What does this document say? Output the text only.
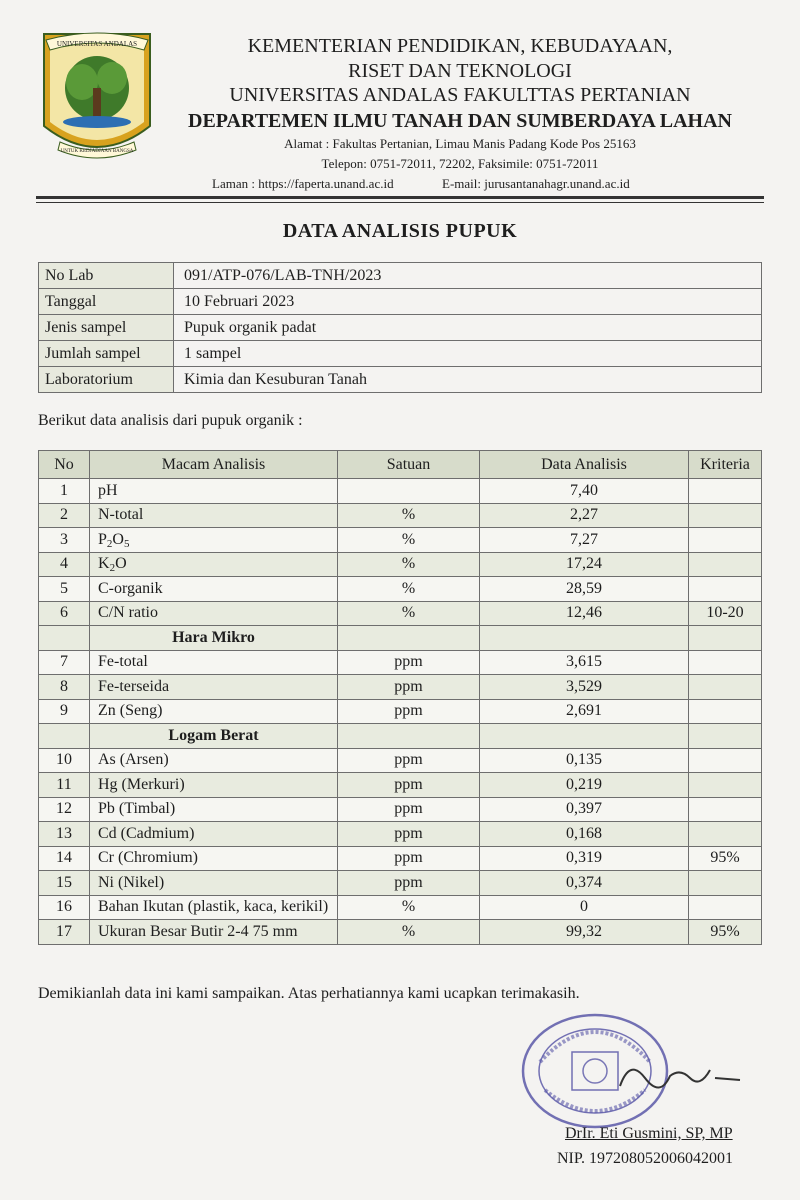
UNIVERSITAS ANDALAS
UNTUK KEDJADJAAN BANGSA
KEMENTERIAN PENDIDIKAN, KEBUDAYAAN,
RISET DAN TEKNOLOGI
UNIVERSITAS ANDALAS FAKULTTAS PERTANIAN
DEPARTEMEN ILMU TANAH DAN SUMBERDAYA LAHAN
Alamat : Fakultas Pertanian, Limau Manis Padang Kode Pos 25163
Telepon: 0751-72011, 72202, Faksimile: 0751-72011
Laman : https://faperta.unand.ac.id	E-mail: jurusantanahagr.unand.ac.id
DATA ANALISIS PUPUK
No Lab	091/ATP-076/LAB-TNH/2023
Tanggal	10 Februari 2023
Jenis sampel	Pupuk organik padat
Jumlah sampel	1 sampel
Laboratorium	Kimia dan Kesuburan Tanah
Berikut data analisis dari pupuk organik :
No	Macam Analisis	Satuan	Data Analisis	Kriteria
1	pH		7,40	
2	N-total	%	2,27	
3	P2O5	%	7,27	
4	K2O	%	17,24	
5	C-organik	%	28,59	
6	C/N ratio	%	12,46	10-20
	Hara Mikro			
7	Fe-total	ppm	3,615	
8	Fe-terseida	ppm	3,529	
9	Zn (Seng)	ppm	2,691	
	Logam Berat			
10	As (Arsen)	ppm	0,135	
11	Hg (Merkuri)	ppm	0,219	
12	Pb (Timbal)	ppm	0,397	
13	Cd (Cadmium)	ppm	0,168	
14	Cr (Chromium)	ppm	0,319	95%
15	Ni (Nikel)	ppm	0,374	
16	Bahan Ikutan (plastik, kaca, kerikil)	%	0	
17	Ukuran Besar Butir 2-4 75 mm	%	99,32	95%
Demikianlah data ini kami sampaikan. Atas perhatiannya kami ucapkan terimakasih.
DrIr. Eti Gusmini, SP, MP
NIP. 197208052006042001
